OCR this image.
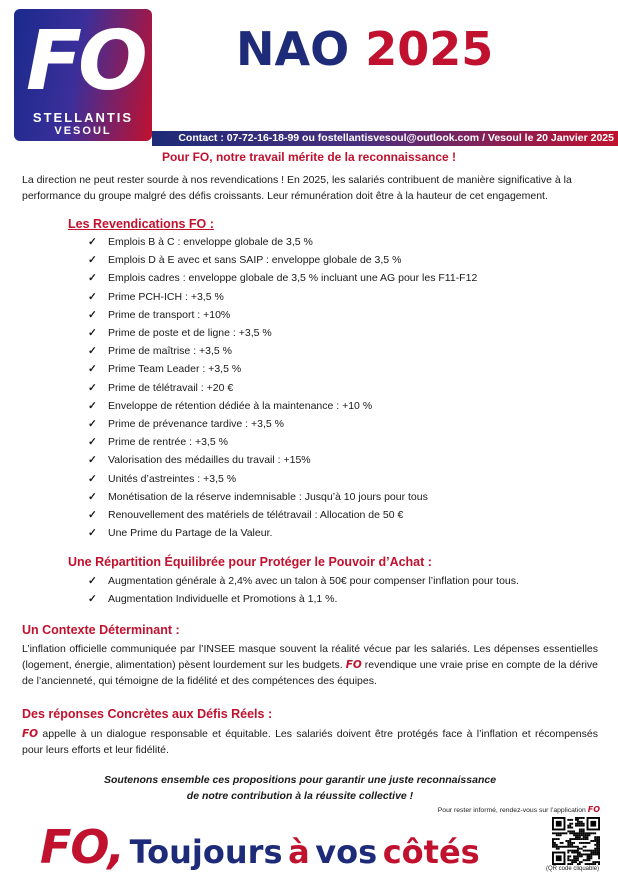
FO
STELLANTIS
VESOUL
NAO 2025
Contact : 07-72-16-18-99 ou fostellantisvesoul@outlook.com / Vesoul le 20 Janvier 2025
Pour FO, notre travail mérite de la reconnaissance !
La direction ne peut rester sourde à nos revendications ! En 2025, les salariés contribuent de manière significative à la performance du groupe malgré des défis croissants. Leur rémunération doit être à la hauteur de cet engagement.
Les Revendications FO :
✓ Emplois B à C : enveloppe globale de 3,5 %
✓ Emplois D à E avec et sans SAIP : enveloppe globale de 3,5 %
✓ Emplois cadres : enveloppe globale de 3,5 % incluant une AG pour les F11-F12
✓ Prime PCH-ICH : +3,5 %
✓ Prime de transport : +10%
✓ Prime de poste et de ligne : +3,5 %
✓ Prime de maîtrise : +3,5 %
✓ Prime Team Leader : +3,5 %
✓ Prime de télétravail : +20 €
✓ Enveloppe de rétention dédiée à la maintenance : +10 %
✓ Prime de prévenance tardive : +3,5 %
✓ Prime de rentrée : +3,5 %
✓ Valorisation des médailles du travail : +15%
✓ Unités d’astreintes : +3,5 %
✓ Monétisation de la réserve indemnisable : Jusqu’à 10 jours pour tous
✓ Renouvellement des matériels de télétravail : Allocation de 50 €
✓ Une Prime du Partage de la Valeur.
Une Répartition Équilibrée pour Protéger le Pouvoir d’Achat :
✓ Augmentation générale à 2,4% avec un talon à 50€ pour compenser l’inflation pour tous.
✓ Augmentation Individuelle et Promotions à 1,1 %.
Un Contexte Déterminant :
L’inflation officielle communiquée par l’INSEE masque souvent la réalité vécue par les salariés. Les dépenses essentielles (logement, énergie, alimentation) pèsent lourdement sur les budgets. FO revendique une vraie prise en compte de la dérive de l’ancienneté, qui témoigne de la fidélité et des compétences des équipes.
Des réponses Concrètes aux Défis Réels :
FO appelle à un dialogue responsable et équitable. Les salariés doivent être protégés face à l’inflation et récompensés pour leurs efforts et leur fidélité.
Soutenons ensemble ces propositions pour garantir une juste reconnaissance
de notre contribution à la réussite collective !
Pour rester informé, rendez-vous sur l’application FO
FO, Toujours à vos côtés	(QR code cliquable)
